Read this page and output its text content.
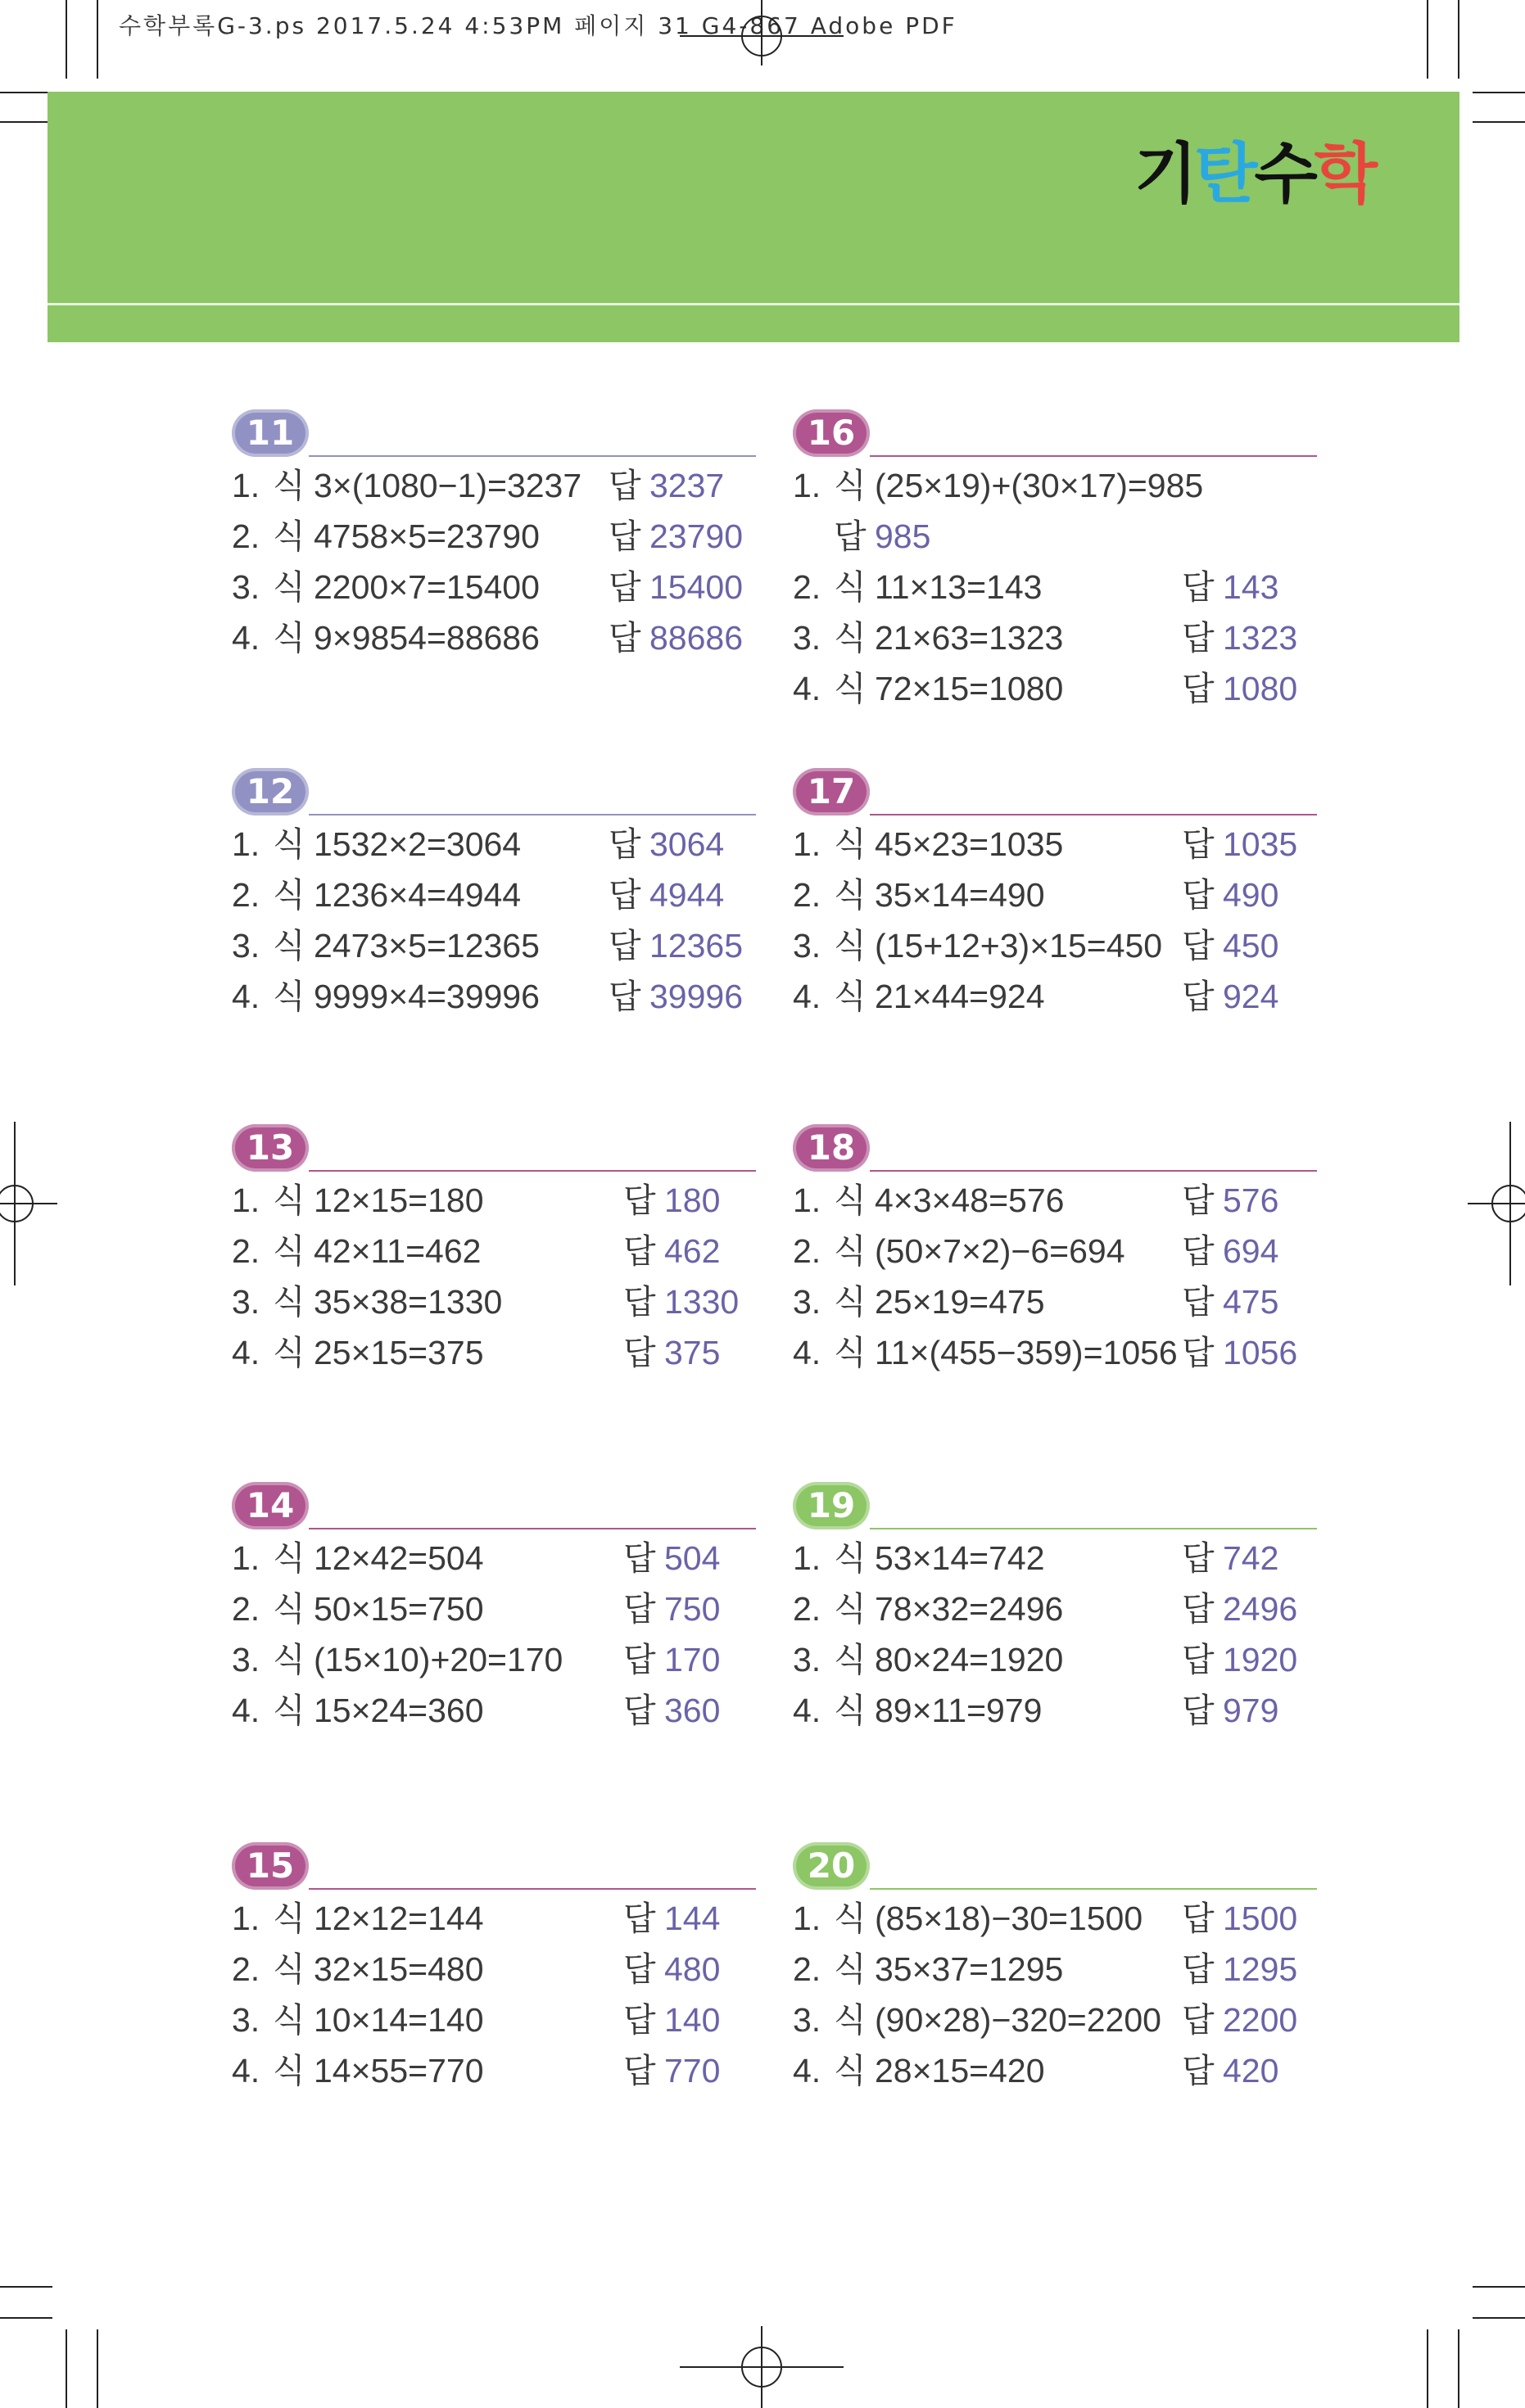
수학부록G-3.ps 2017.5.24 4:53PM 페이지 31 G4-867 Adobe PDF
기탄수학
11
1. 식 3×(1080−1)=3237 답 3237
2. 식 4758×5=23790 답 23790
3. 식 2200×7=15400 답 15400
4. 식 9×9854=88686 답 88686
16
1. 식 (25×19)+(30×17)=985
답 985
2. 식 11×13=143	답 143
3. 식 21×63=1323	답 1323
4. 식 72×15=1080	답 1080
12
1. 식 1532×2=3064	답 3064
2. 식 1236×4=4944	답 4944
3. 식 2473×5=12365 답 12365
4. 식 9999×4=39996 답 39996
17
1. 식 45×23=1035	답 1035
2. 식 35×14=490	답 490
3. 식 (15+12+3)×15=450 답 450
4. 식 21×44=924	답 924
13
1. 식 12×15=180	답 180
2. 식 42×11=462	답 462
3. 식 35×38=1330	답 1330
4. 식 25×15=375	답 375
18
1. 식 4×3×48=576	답 576
2. 식 (50×7×2)−6=694 답 694
3. 식 25×19=475	답 475
4. 식 11×(455−359)=1056 답 1056
14
1. 식 12×42=504	답 504
2. 식 50×15=750	답 750
3. 식 (15×10)+20=170 답 170
4. 식 15×24=360	답 360
19
1. 식 53×14=742	답 742
2. 식 78×32=2496	답 2496
3. 식 80×24=1920	답 1920
4. 식 89×11=979	답 979
15
1. 식 12×12=144	답 144
2. 식 32×15=480	답 480
3. 식 10×14=140	답 140
4. 식 14×55=770	답 770
20
1. 식 (85×18)−30=1500 답 1500
2. 식 35×37=1295	답 1295
3. 식 (90×28)−320=2200 답 2200
4. 식 28×15=420	답 420
